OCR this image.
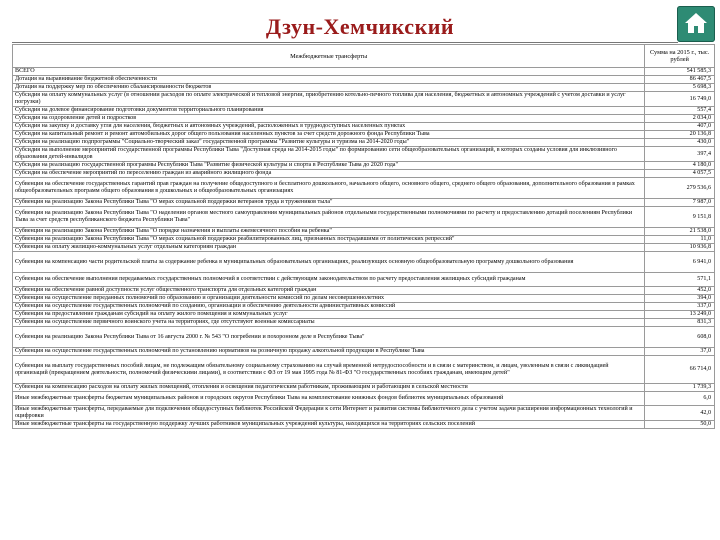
Дзун-Хемчикский
Межбюджетные трансферты	Сумма на 2015 г., тыс. рублей
ВСЕГО	541 585,3
Дотация на выравнивание бюджетной обеспеченности	86 467,5
Дотация на поддержку мер по обеспечению сбалансированности бюджетов	5 698,3
Субсидия на оплату коммунальных услуг (в отношении расходов по оплате электрической и тепловой энергии, приобретению котельно-печного топлива для населения, бюджетных и автономных учреждений с учетом доставки и услуг погрузки)	16 749,0
Субсидия на долевое финансирование подготовки документов территориального планирования	557,4
Субсидия на оздоровление детей и подростков	2 034,0
Субсидия на закупку и доставку угля для населения, бюджетных и автономных учреждений, расположенных в труднодоступных населенных пунктах	407,0
Субсидия на капитальный ремонт и ремонт автомобильных дорог общего пользования населенных пунктов за счет средств дорожного фонда Республики Тыва	20 136,8
Субсидия на реализацию подпрограммы "Социально-творческий заказ" государственной программы "Развитие культуры и туризма на 2014-2020 годы"	430,0
Субсидия на выполнение мероприятий государственной программы Республики Тыва "Доступная среда на 2014-2015 годы" по формированию сети общеобразовательных организаций, в которых созданы условия для инклюзивного образования детей-инвалидов	397,4
Субсидия на реализацию государственной программы Республики Тыва "Развитие физической культуры и спорта в Республике Тыва до 2020 года"	4 180,0
Субсидия на обеспечение мероприятий по переселению граждан из аварийного жилищного фонда	4 057,5
Субвенция на обеспечение государственных гарантий прав граждан на получение общедоступного и бесплатного дошкольного, начального общего, основного общего, среднего общего образования, дополнительного образования в рамках общеобразовательных программ общего образования в дошкольных и общеобразовательных организациях	279 536,6
Субвенция на реализацию Закона Республики Тыва "О мерах социальной поддержки ветеранов труда и тружеников тыла"	7 987,0
Субвенция на реализацию Закона Республики Тыва "О наделении органов местного самоуправления муниципальных районов отдельными государственными полномочиями по расчету и предоставлению дотаций поселениям Республики Тыва за счет средств республиканского бюджета Республики Тыва"	9 151,8
Субвенция на реализацию Закона Республики Тыва "О порядке назначения и выплаты ежемесячного пособия на ребенка"	21 538,0
Субвенция на реализацию Закона Республики Тыва "О мерах социальной поддержки реабилитированных лиц, признанных пострадавшими от политических репрессий"	11,0
Субвенция на оплату жилищно-коммунальных услуг отдельным категориям граждан	10 936,8
Субвенция на компенсацию части родительской платы за содержание ребенка в муниципальных образовательных организациях, реализующих основную общеобразовательную программу дошкольного образования	6 941,0
Субвенция на обеспечение выполнения передаваемых государственных полномочий в соответствии с действующим законодательством по расчету предоставления жилищных субсидий гражданам	571,1
Субвенция на обеспечение равной доступности услуг общественного транспорта для отдельных категорий граждан	452,0
Субвенция на осуществление переданных полномочий по образованию и организации деятельности комиссий по делам несовершеннолетних	394,0
Субвенция на осуществление государственных полномочий по созданию, организации и обеспечению деятельности административных комиссий	337,0
Субвенция на предоставление гражданам субсидий на оплату жилого помещения и коммунальных услуг	13 249,0
Субвенция на осуществление первичного воинского учета на территориях, где отсутствуют военные комиссариаты	831,3
Субвенция на реализацию Закона Республики Тыва от 16 августа 2000 г. № 543 "О погребении и похоронном деле в Республике Тыва"	608,0
Субвенция на осуществление государственных полномочий по установлению нормативов на розничную продажу алкогольной продукции в Республике Тыва	37,0
Субвенция на выплату государственных пособий лицам, не подлежащим обязательному социальному страхованию на случай временной нетрудоспособности и в связи с материнством, и лицам, уволенным в связи с ликвидацией организаций (прекращением деятельности, полномочий физическими лицами), в соответствии с ФЗ от 19 мая 1995 года № 81-ФЗ "О государственных пособиях гражданам, имеющим детей"	66 714,0
Субвенция на компенсацию расходов на оплату жилых помещений, отопления и освещения педагогическим работникам, проживающим и работающим в сельской местности	1 739,3
Иные межбюджетные трансферты бюджетам муниципальных районов и городских округов Республики Тыва на комплектование книжных фондов библиотек муниципальных образований	6,0
Иные межбюджетные трансферты, передаваемые для подключения общедоступных библиотек Российской Федерации к сети Интернет и развития системы библиотечного дела с учетом задачи расширения информационных технологий и оцифровки	42,0
Иные межбюджетные трансферты на государственную поддержку лучших работников муниципальных учреждений культуры, находящихся на территориях сельских поселений	50,0
